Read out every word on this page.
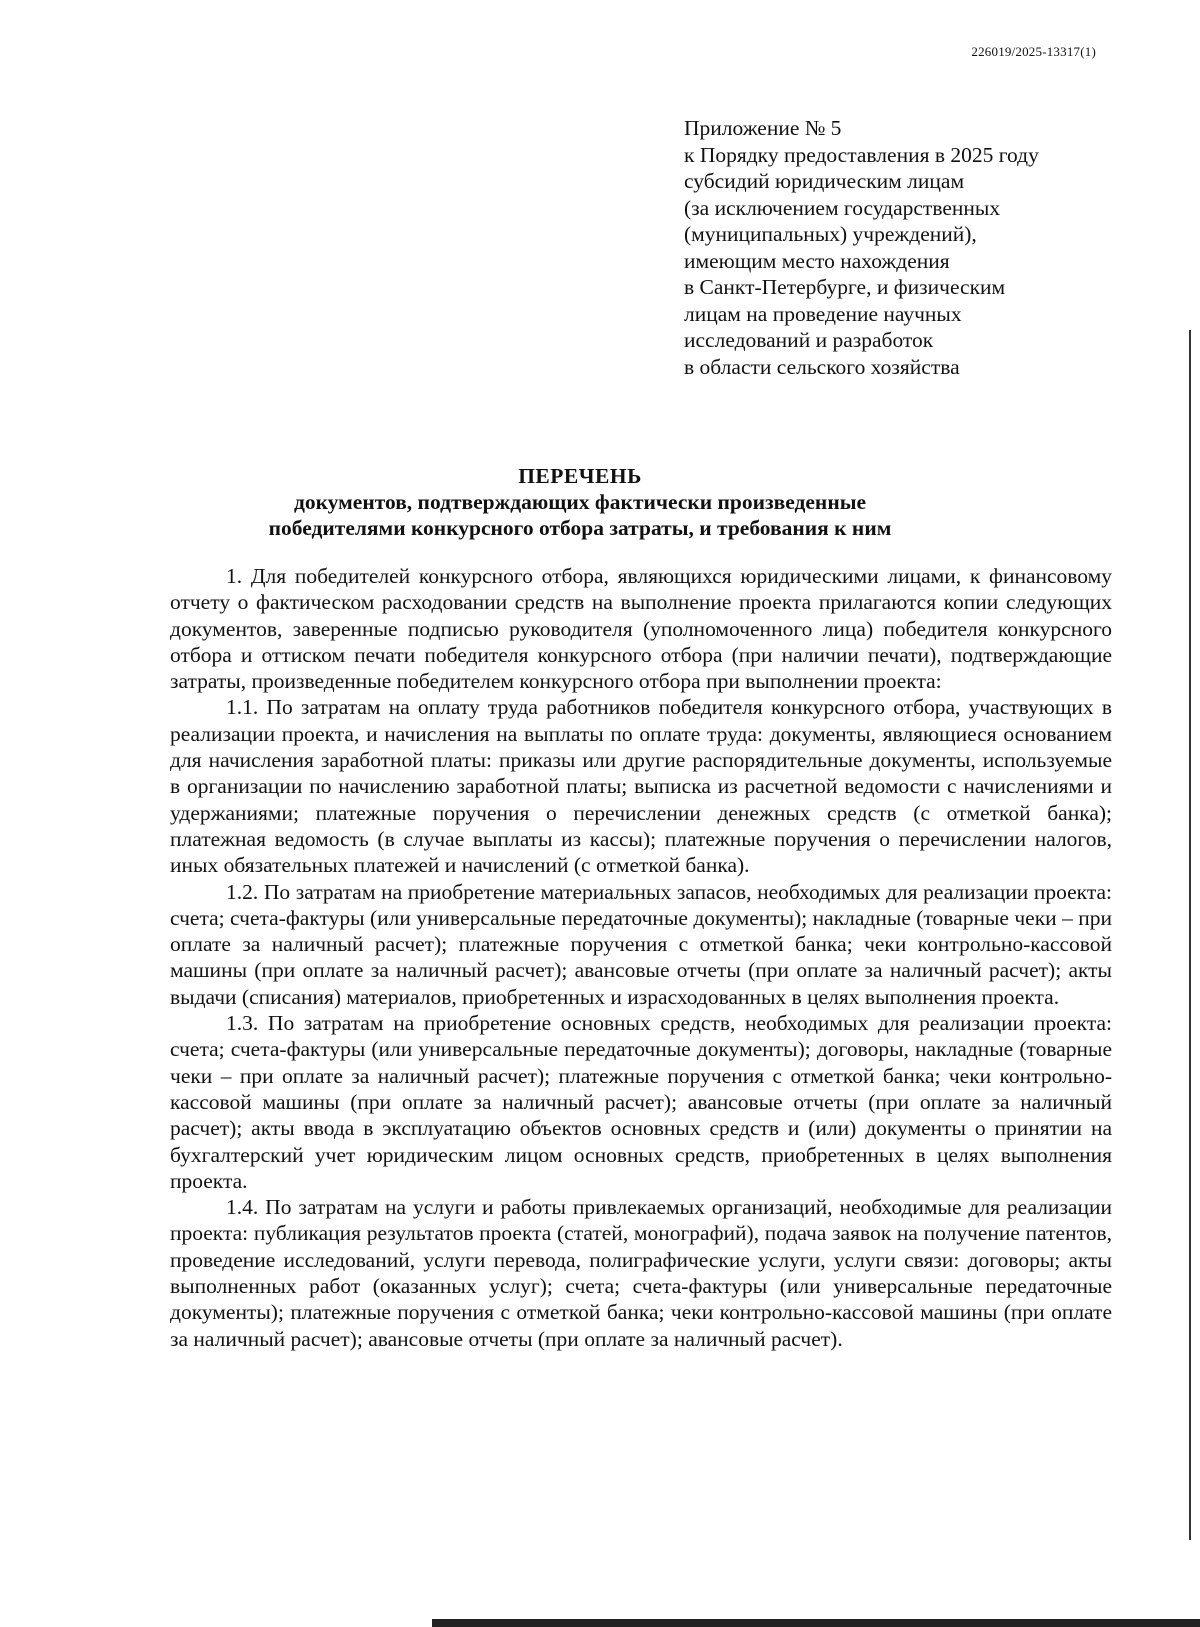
226019/2025-13317(1)
Приложение № 5
к Порядку предоставления в 2025 году
субсидий юридическим лицам
(за исключением государственных
(муниципальных) учреждений),
имеющим место нахождения
в Санкт-Петербурге, и физическим
лицам на проведение научных
исследований и разработок
в области сельского хозяйства
ПЕРЕЧЕНЬ
документов, подтверждающих фактически произведенные
победителями конкурсного отбора затраты, и требования к ним

1. Для победителей конкурсного отбора, являющихся юридическими лицами, к финансовому отчету о фактическом расходовании средств на выполнение проекта прилагаются копии следующих документов, заверенные подписью руководителя (уполномоченного лица) победителя конкурсного отбора и оттиском печати победителя конкурсного отбора (при наличии печати), подтверждающие затраты, произведенные победителем конкурсного отбора при выполнении проекта:

1.1. По затратам на оплату труда работников победителя конкурсного отбора, участвующих в реализации проекта, и начисления на выплаты по оплате труда: документы, являющиеся основанием для начисления заработной платы: приказы или другие распорядительные документы, используемые в организации по начислению заработной платы; выписка из расчетной ведомости с начислениями и удержаниями; платежные поручения о перечислении денежных средств (с отметкой банка); платежная ведомость (в случае выплаты из кассы); платежные поручения о перечислении налогов, иных обязательных платежей и начислений (с отметкой банка).

1.2. По затратам на приобретение материальных запасов, необходимых для реализации проекта: счета; счета-фактуры (или универсальные передаточные документы); накладные (товарные чеки – при оплате за наличный расчет); платежные поручения с отметкой банка; чеки контрольно-кассовой машины (при оплате за наличный расчет); авансовые отчеты (при оплате за наличный расчет); акты выдачи (списания) материалов, приобретенных и израсходованных в целях выполнения проекта.

1.3. По затратам на приобретение основных средств, необходимых для реализации проекта: счета; счета-фактуры (или универсальные передаточные документы); договоры, накладные (товарные чеки – при оплате за наличный расчет); платежные поручения с отметкой банка; чеки контрольно-кассовой машины (при оплате за наличный расчет); авансовые отчеты (при оплате за наличный расчет); акты ввода в эксплуатацию объектов основных средств и (или) документы о принятии на бухгалтерский учет юридическим лицом основных средств, приобретенных в целях выполнения проекта.

1.4. По затратам на услуги и работы привлекаемых организаций, необходимые для реализации проекта: публикация результатов проекта (статей, монографий), подача заявок на получение патентов, проведение исследований, услуги перевода, полиграфические услуги, услуги связи: договоры; акты выполненных работ (оказанных услуг); счета; счета-фактуры (или универсальные передаточные документы); платежные поручения с отметкой банка; чеки контрольно-кассовой машины (при оплате за наличный расчет); авансовые отчеты (при оплате за наличный расчет).
